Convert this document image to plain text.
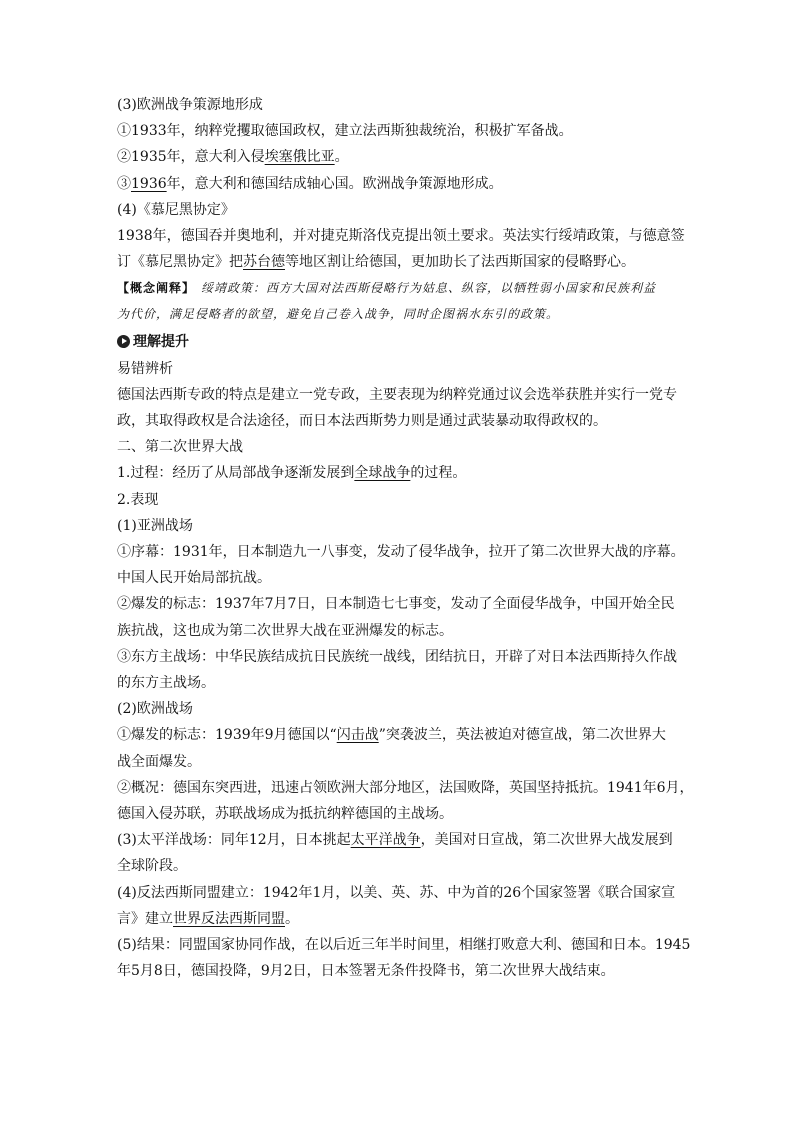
(3)欧洲战争策源地形成
①1933年，纳粹党攫取德国政权，建立法西斯独裁统治，积极扩军备战。
②1935年，意大利入侵埃塞俄比亚。
③1936年，意大利和德国结成轴心国。欧洲战争策源地形成。
(4)《慕尼黑协定》
1938年，德国吞并奥地利，并对捷克斯洛伐克提出领土要求。英法实行绥靖政策，与德意签
订《慕尼黑协定》把苏台德等地区割让给德国，更加助长了法西斯国家的侵略野心。
【概念阐释】 绥靖政策：西方大国对法西斯侵略行为姑息、纵容，以牺牲弱小国家和民族利益
为代价，满足侵略者的欲望，避免自己卷入战争，同时企图祸水东引的政策。
理解提升
易错辨析
德国法西斯专政的特点是建立一党专政，主要表现为纳粹党通过议会选举获胜并实行一党专
政，其取得政权是合法途径，而日本法西斯势力则是通过武装暴动取得政权的。
二、第二次世界大战
1.过程：经历了从局部战争逐渐发展到全球战争的过程。
2.表现
(1)亚洲战场
①序幕：1931年，日本制造九一八事变，发动了侵华战争，拉开了第二次世界大战的序幕。
中国人民开始局部抗战。
②爆发的标志：1937年7月7日，日本制造七七事变，发动了全面侵华战争，中国开始全民
族抗战，这也成为第二次世界大战在亚洲爆发的标志。
③东方主战场：中华民族结成抗日民族统一战线，团结抗日，开辟了对日本法西斯持久作战
的东方主战场。
(2)欧洲战场
①爆发的标志：1939年9月德国以“闪击战”突袭波兰，英法被迫对德宣战，第二次世界大
战全面爆发。
②概况：德国东突西进，迅速占领欧洲大部分地区，法国败降，英国坚持抵抗。1941年6月，
德国入侵苏联，苏联战场成为抵抗纳粹德国的主战场。
(3)太平洋战场：同年12月，日本挑起太平洋战争，美国对日宣战，第二次世界大战发展到
全球阶段。
(4)反法西斯同盟建立：1942年1月，以美、英、苏、中为首的26个国家签署《联合国家宣
言》建立世界反法西斯同盟。
(5)结果：同盟国家协同作战，在以后近三年半时间里，相继打败意大利、德国和日本。1945
年5月8日，德国投降，9月2日，日本签署无条件投降书，第二次世界大战结束。
